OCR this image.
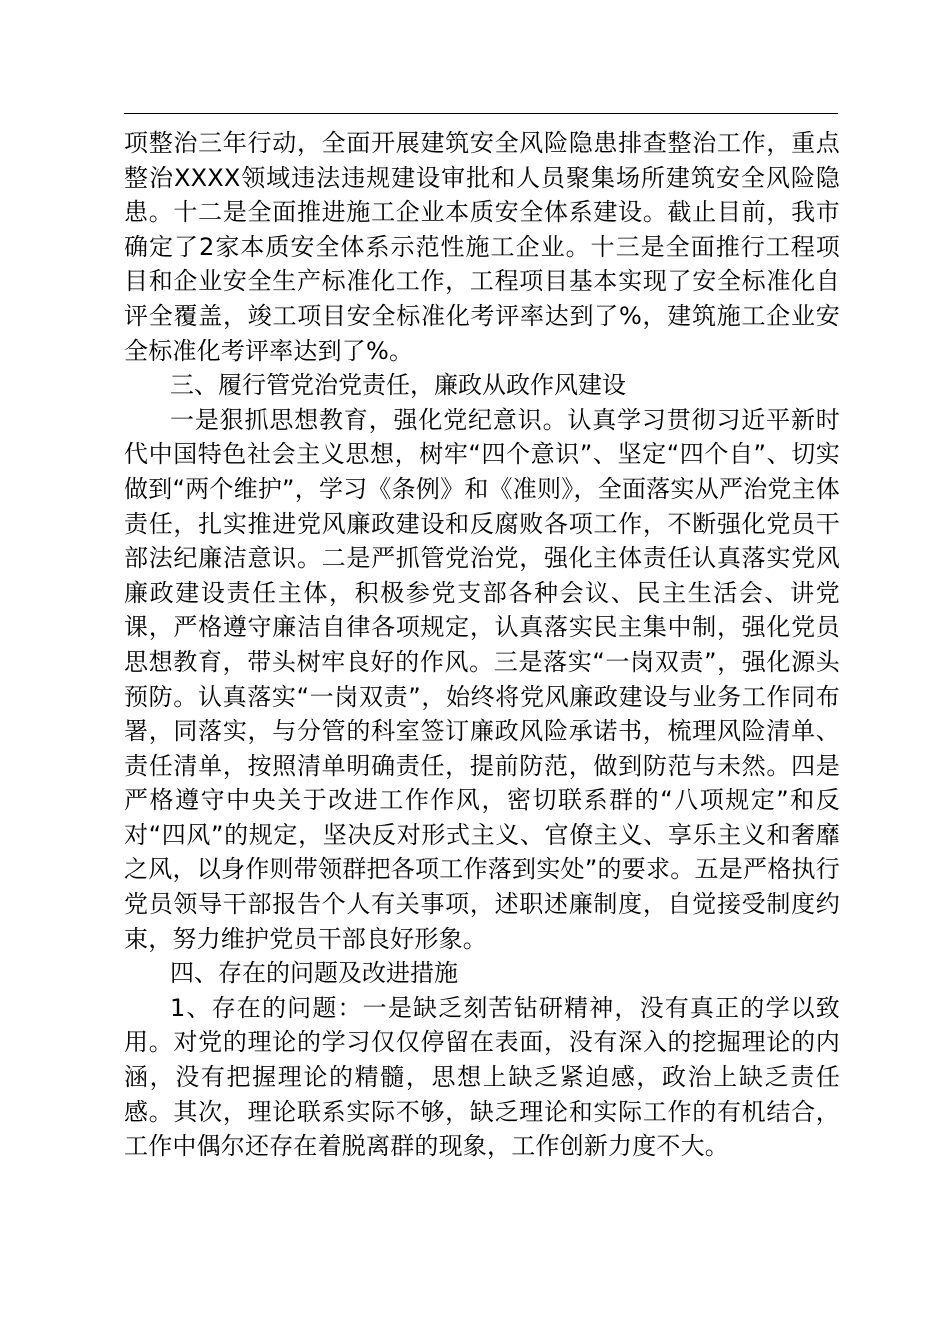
项整治三年行动，全面开展建筑安全风险隐患排查整治工作，重点整治XXXX领域违法违规建设审批和人员聚集场所建筑安全风险隐患。十二是全面推进施工企业本质安全体系建设。截止目前，我市确定了2家本质安全体系示范性施工企业。十三是全面推行工程项目和企业安全生产标准化工作，工程项目基本实现了安全标准化自评全覆盖，竣工项目安全标准化考评率达到了%，建筑施工企业安全标准化考评率达到了%。

三、履行管党治党责任，廉政从政作风建设

一是狠抓思想教育，强化党纪意识。认真学习贯彻习近平新时代中国特色社会主义思想，树牢“四个意识”、坚定“四个自”、切实做到“两个维护”，学习《条例》和《准则》，全面落实从严治党主体责任，扎实推进党风廉政建设和反腐败各项工作，不断强化党员干部法纪廉洁意识。二是严抓管党治党，强化主体责任认真落实党风廉政建设责任主体，积极参党支部各种会议、民主生活会、讲党课，严格遵守廉洁自律各项规定，认真落实民主集中制，强化党员思想教育，带头树牢良好的作风。三是落实“一岗双责”，强化源头预防。认真落实“一岗双责”，始终将党风廉政建设与业务工作同布署，同落实，与分管的科室签订廉政风险承诺书，梳理风险清单、责任清单，按照清单明确责任，提前防范，做到防范与未然。四是严格遵守中央关于改进工作作风，密切联系群的“八项规定”和反对“四风”的规定，坚决反对形式主义、官僚主义、享乐主义和奢靡之风，以身作则带领群把各项工作落到实处”的要求。五是严格执行党员领导干部报告个人有关事项，述职述廉制度，自觉接受制度约束，努力维护党员干部良好形象。

四、存在的问题及改进措施

1、存在的问题：一是缺乏刻苦钻研精神，没有真正的学以致用。对党的理论的学习仅仅停留在表面，没有深入的挖掘理论的内涵，没有把握理论的精髓，思想上缺乏紧迫感，政治上缺乏责任感。其次，理论联系实际不够，缺乏理论和实际工作的有机结合，工作中偶尔还存在着脱离群的现象，工作创新力度不大。
